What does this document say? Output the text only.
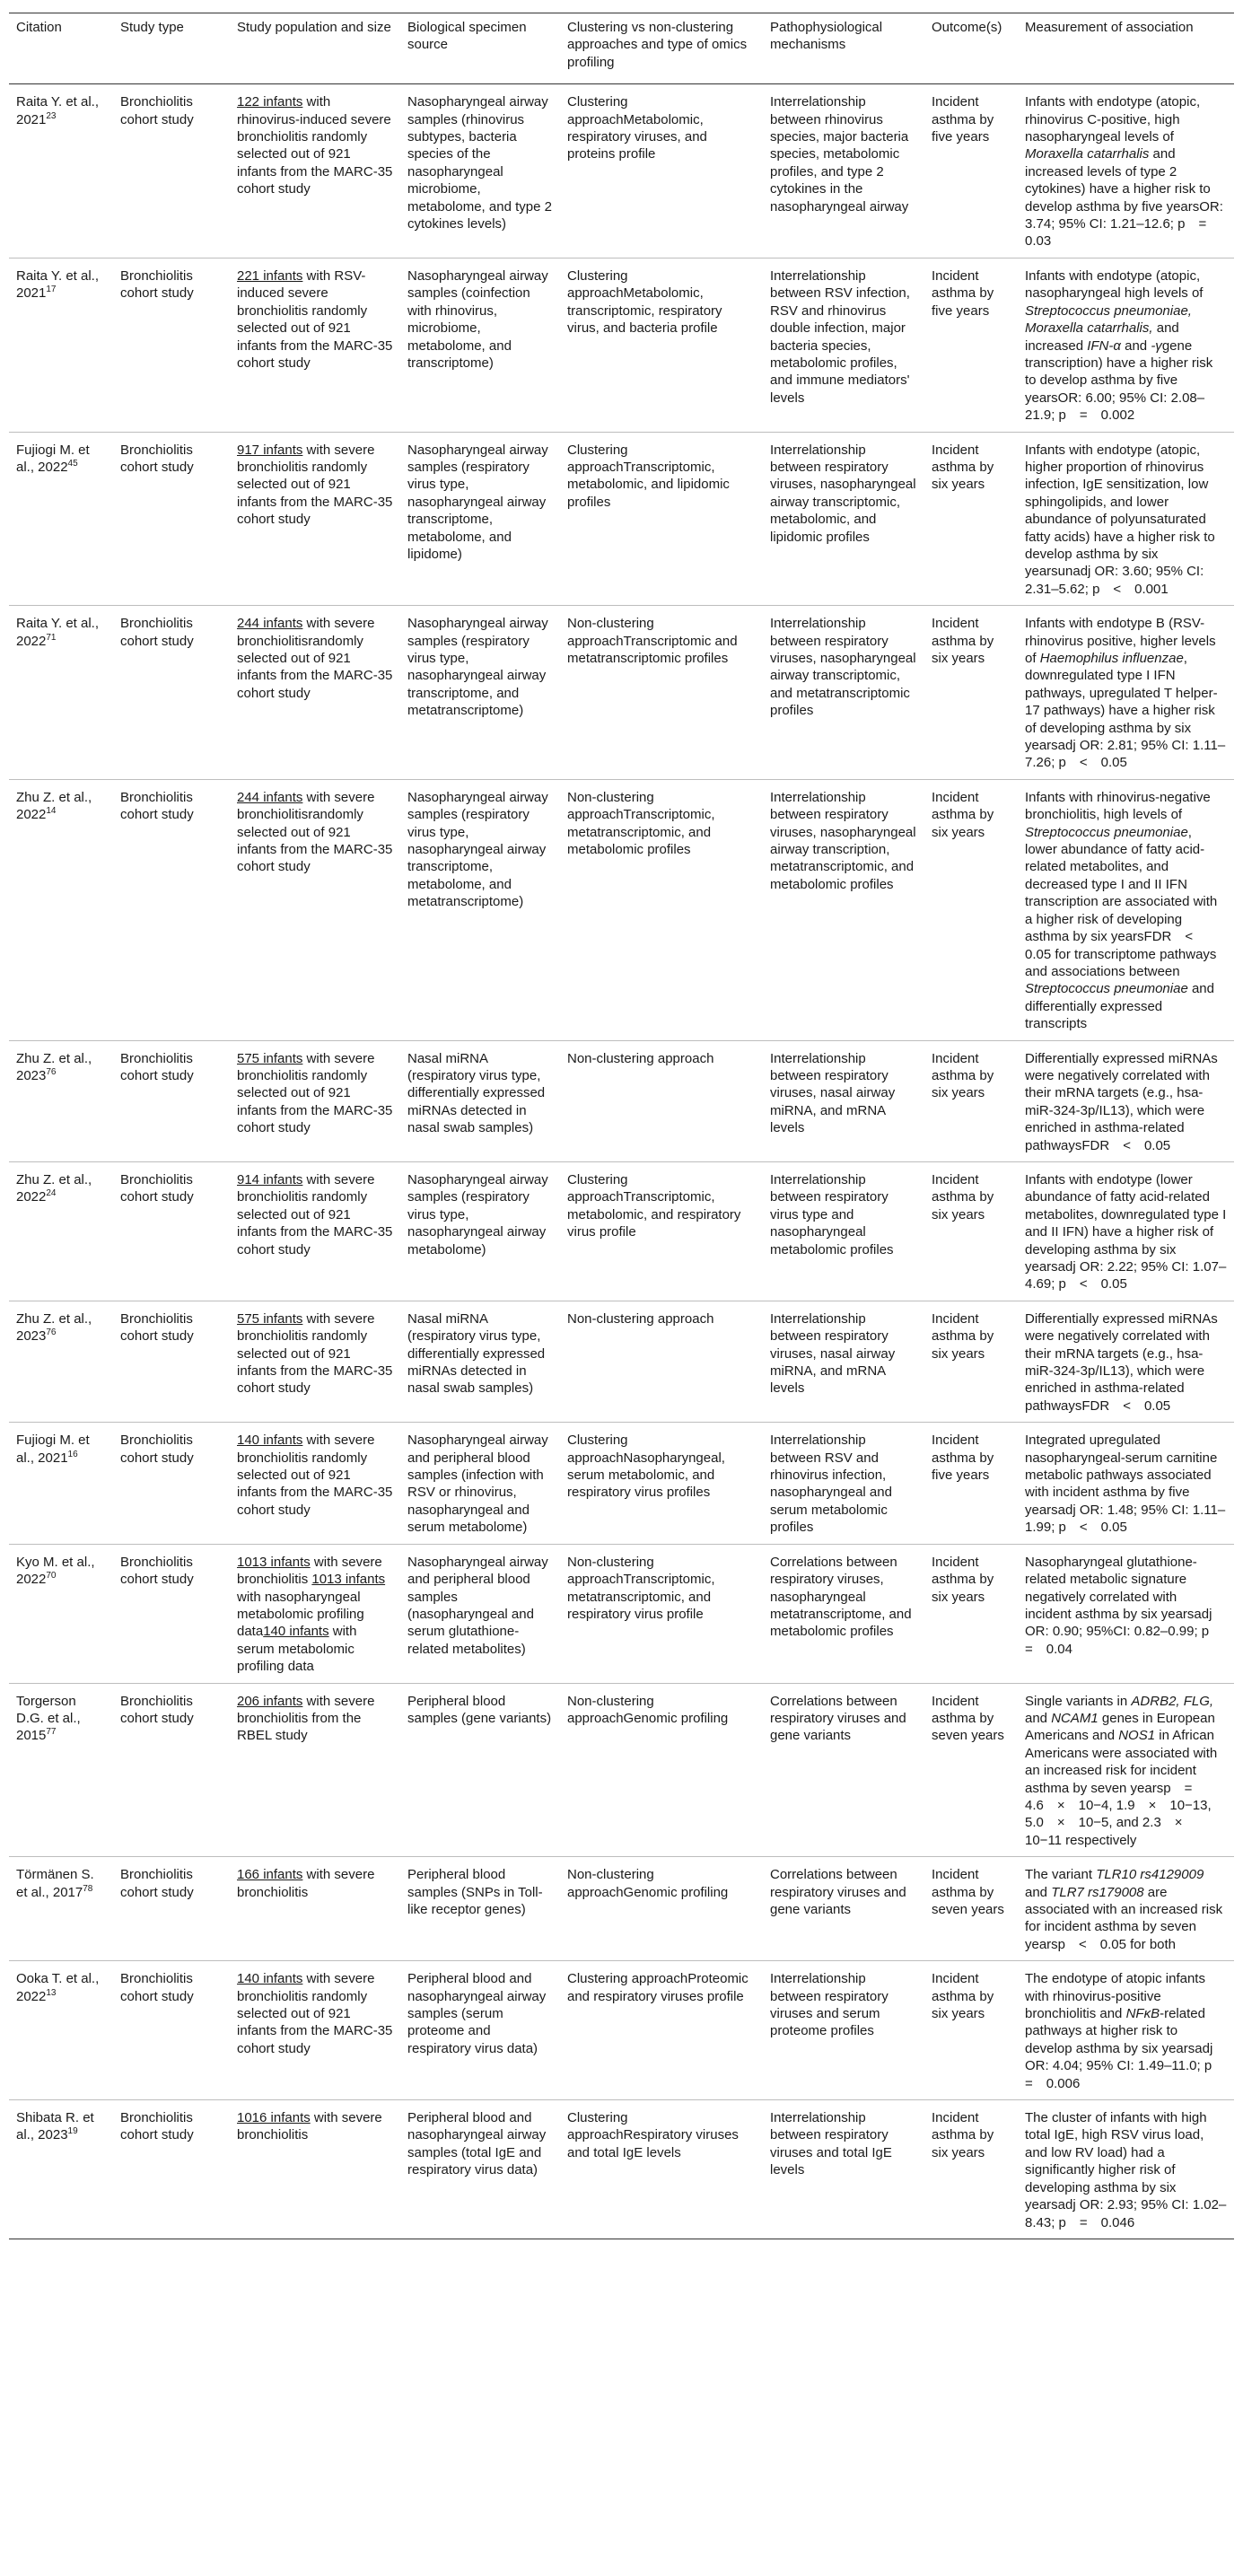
Citation	Study type	Study population and size	Biological specimen source	Clustering vs non-clustering approaches and type of omics profiling	Pathophysiological mechanisms	Outcome(s)	Measurement of association
Raita Y. et al., 2021$^{23}$	Bronchiolitis cohort study	122 infants with rhinovirus-induced severe bronchiolitis randomly selected out of 921 infants from the MARC-35 cohort study	Nasopharyngeal airway samples (rhinovirus subtypes, bacteria species of the nasopharyngeal microbiome, metabolome, and type 2 cytokines levels)	Clustering approachMetabolomic, respiratory viruses, and proteins profile	Interrelationship between rhinovirus species, major bacteria species, metabolomic profiles, and type 2 cytokines in the nasopharyngeal airway	Incident asthma by five years	Infants with endotype (atopic, rhinovirus C-positive, high nasopharyngeal levels of Moraxella catarrhalis and increased levels of type 2 cytokines) have a higher risk to develop asthma by five yearsOR: 3.74; 95% CI: 1.21–12.6; p = 0.03
Raita Y. et al., 2021$^{17}$	Bronchiolitis cohort study	221 infants with RSV-induced severe bronchiolitis randomly selected out of 921 infants from the MARC-35 cohort study	Nasopharyngeal airway samples (coinfection with rhinovirus, microbiome, metabolome, and transcriptome)	Clustering approachMetabolomic, transcriptomic, respiratory virus, and bacteria profile	Interrelationship between RSV infection, RSV and rhinovirus double infection, major bacteria species, metabolomic profiles, and immune mediators' levels	Incident asthma by five years	Infants with endotype (atopic, nasopharyngeal high levels of Streptococcus pneumoniae, Moraxella catarrhalis, and increased IFN-α and -γgene transcription) have a higher risk to develop asthma by five yearsOR: 6.00; 95% CI: 2.08–21.9; p = 0.002
Fujiogi M. et al., 2022$^{45}$	Bronchiolitis cohort study	917 infants with severe bronchiolitis randomly selected out of 921 infants from the MARC-35 cohort study	Nasopharyngeal airway samples (respiratory virus type, nasopharyngeal airway transcriptome, metabolome, and lipidome)	Clustering approachTranscriptomic, metabolomic, and lipidomic profiles	Interrelationship between respiratory viruses, nasopharyngeal airway transcriptomic, metabolomic, and lipidomic profiles	Incident asthma by six years	Infants with endotype (atopic, higher proportion of rhinovirus infection, IgE sensitization, low sphingolipids, and lower abundance of polyunsaturated fatty acids) have a higher risk to develop asthma by six yearsunadj OR: 3.60; 95% CI: 2.31–5.62; p < 0.001
Raita Y. et al., 2022$^{71}$	Bronchiolitis cohort study	244 infants with severe bronchiolitisrandomly selected out of 921 infants from the MARC-35 cohort study	Nasopharyngeal airway samples (respiratory virus type, nasopharyngeal airway transcriptome, and metatranscriptome)	Non-clustering approachTranscriptomic and metatranscriptomic profiles	Interrelationship between respiratory viruses, nasopharyngeal airway transcriptomic, and metatranscriptomic profiles	Incident asthma by six years	Infants with endotype B (RSV-rhinovirus positive, higher levels of Haemophilus influenzae, downregulated type I IFN pathways, upregulated T helper-17 pathways) have a higher risk of developing asthma by six yearsadj OR: 2.81; 95% CI: 1.11–7.26; p < 0.05
Zhu Z. et al., 2022$^{14}$	Bronchiolitis cohort study	244 infants with severe bronchiolitisrandomly selected out of 921 infants from the MARC-35 cohort study	Nasopharyngeal airway samples (respiratory virus type, nasopharyngeal airway transcriptome, metabolome, and metatranscriptome)	Non-clustering approachTranscriptomic, metatranscriptomic, and metabolomic profiles	Interrelationship between respiratory viruses, nasopharyngeal airway transcription, metatranscriptomic, and metabolomic profiles	Incident asthma by six years	Infants with rhinovirus-negative bronchiolitis, high levels of Streptococcus pneumoniae, lower abundance of fatty acid-related metabolites, and decreased type I and II IFN transcription are associated with a higher risk of developing asthma by six yearsFDR < 0.05 for transcriptome pathways and associations between Streptococcus pneumoniae and differentially expressed transcripts
Zhu Z. et al., 2023$^{76}$	Bronchiolitis cohort study	575 infants with severe bronchiolitis randomly selected out of 921 infants from the MARC-35 cohort study	Nasal miRNA (respiratory virus type, differentially expressed miRNAs detected in nasal swab samples)	Non-clustering approach	Interrelationship between respiratory viruses, nasal airway miRNA, and mRNA levels	Incident asthma by six years	Differentially expressed miRNAs were negatively correlated with their mRNA targets (e.g., hsa-miR-324-3p/IL13), which were enriched in asthma-related pathwaysFDR < 0.05
Zhu Z. et al., 2022$^{24}$	Bronchiolitis cohort study	914 infants with severe bronchiolitis randomly selected out of 921 infants from the MARC-35 cohort study	Nasopharyngeal airway samples (respiratory virus type, nasopharyngeal airway metabolome)	Clustering approachTranscriptomic, metabolomic, and respiratory virus profile	Interrelationship between respiratory virus type and nasopharyngeal metabolomic profiles	Incident asthma by six years	Infants with endotype (lower abundance of fatty acid-related metabolites, downregulated type I and II IFN) have a higher risk of developing asthma by six yearsadj OR: 2.22; 95% CI: 1.07–4.69; p < 0.05
Zhu Z. et al., 2023$^{76}$	Bronchiolitis cohort study	575 infants with severe bronchiolitis randomly selected out of 921 infants from the MARC-35 cohort study	Nasal miRNA (respiratory virus type, differentially expressed miRNAs detected in nasal swab samples)	Non-clustering approach	Interrelationship between respiratory viruses, nasal airway miRNA, and mRNA levels	Incident asthma by six years	Differentially expressed miRNAs were negatively correlated with their mRNA targets (e.g., hsa-miR-324-3p/IL13), which were enriched in asthma-related pathwaysFDR < 0.05
Fujiogi M. et al., 2021$^{16}$	Bronchiolitis cohort study	140 infants with severe bronchiolitis randomly selected out of 921 infants from the MARC-35 cohort study	Nasopharyngeal airway and peripheral blood samples (infection with RSV or rhinovirus, nasopharyngeal and serum metabolome)	Clustering approachNasopharyngeal, serum metabolomic, and respiratory virus profiles	Interrelationship between RSV and rhinovirus infection, nasopharyngeal and serum metabolomic profiles	Incident asthma by five years	Integrated upregulated nasopharyngeal-serum carnitine metabolic pathways associated with incident asthma by five yearsadj OR: 1.48; 95% CI: 1.11–1.99; p < 0.05
Kyo M. et al., 2022$^{70}$	Bronchiolitis cohort study	1013 infants with severe bronchiolitis 1013 infants with nasopharyngeal metabolomic profiling data140 infants with serum metabolomic profiling data	Nasopharyngeal airway and peripheral blood samples (nasopharyngeal and serum glutathione-related metabolites)	Non-clustering approachTranscriptomic, metatranscriptomic, and respiratory virus profile	Correlations between respiratory viruses, nasopharyngeal metatranscriptome, and metabolomic profiles	Incident asthma by six years	Nasopharyngeal glutathione-related metabolic signature negatively correlated with incident asthma by six yearsadj OR: 0.90; 95%CI: 0.82–0.99; p = 0.04
Torgerson D.G. et al., 2015$^{77}$	Bronchiolitis cohort study	206 infants with severe bronchiolitis from the RBEL study	Peripheral blood samples (gene variants)	Non-clustering approachGenomic profiling	Correlations between respiratory viruses and gene variants	Incident asthma by seven years	Single variants in ADRB2, FLG, and NCAM1 genes in European Americans and NOS1 in African Americans were associated with an increased risk for incident asthma by seven yearsp = 4.6 × 10−4, 1.9 × 10−13, 5.0 × 10−5, and 2.3 × 10−11 respectively
Törmänen S. et al., 2017$^{78}$	Bronchiolitis cohort study	166 infants with severe bronchiolitis	Peripheral blood samples (SNPs in Toll-like receptor genes)	Non-clustering approachGenomic profiling	Correlations between respiratory viruses and gene variants	Incident asthma by seven years	The variant TLR10 rs4129009 and TLR7 rs179008 are associated with an increased risk for incident asthma by seven yearsp < 0.05 for both
Ooka T. et al., 2022$^{13}$	Bronchiolitis cohort study	140 infants with severe bronchiolitis randomly selected out of 921 infants from the MARC-35 cohort study	Peripheral blood and nasopharyngeal airway samples (serum proteome and respiratory virus data)	Clustering approachProteomic and respiratory viruses profile	Interrelationship between respiratory viruses and serum proteome profiles	Incident asthma by six years	The endotype of atopic infants with rhinovirus-positive bronchiolitis and NFκB-related pathways at higher risk to develop asthma by six yearsadj OR: 4.04; 95% CI: 1.49–11.0; p = 0.006
Shibata R. et al., 2023$^{19}$	Bronchiolitis cohort study	1016 infants with severe bronchiolitis	Peripheral blood and nasopharyngeal airway samples (total IgE and respiratory virus data)	Clustering approachRespiratory viruses and total IgE levels	Interrelationship between respiratory viruses and total IgE levels	Incident asthma by six years	The cluster of infants with high total IgE, high RSV virus load, and low RV load) had a significantly higher risk of developing asthma by six yearsadj OR: 2.93; 95% CI: 1.02–8.43; p = 0.046
